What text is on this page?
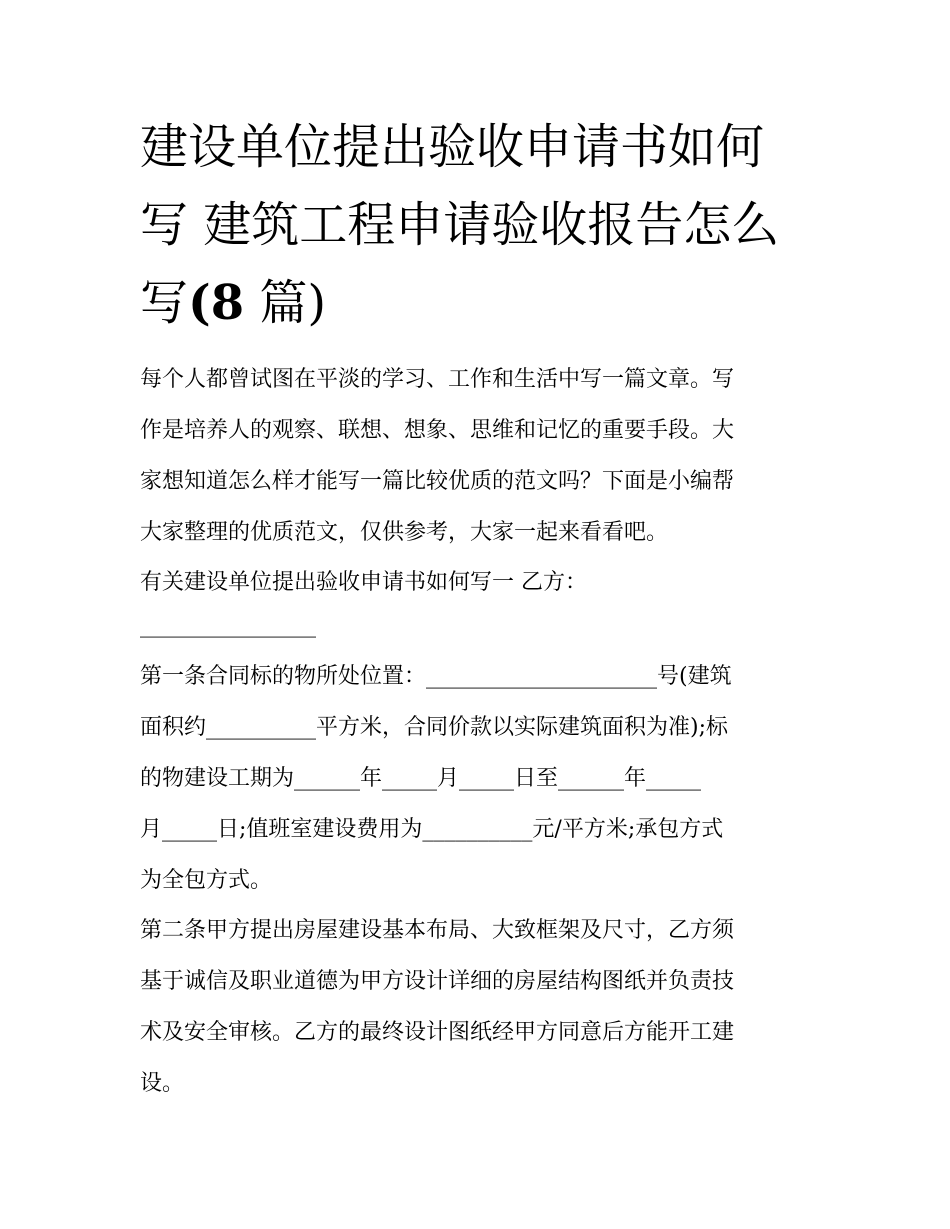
建设单位提出验收申请书如何
写 建筑工程申请验收报告怎么
写(8 篇)

每个人都曾试图在平淡的学习、工作和生活中写一篇文章。写
作是培养人的观察、联想、想象、思维和记忆的重要手段。大
家想知道怎么样才能写一篇比较优质的范文吗？下面是小编帮
大家整理的优质范文，仅供参考，大家一起来看看吧。

有关建设单位提出验收申请书如何写一 乙方：

________________

第一条合同标的物所处位置：_____________________号(建筑
面积约__________平方米，合同价款以实际建筑面积为准);标
的物建设工期为______年_____月_____日至______年_____
月_____日;值班室建设费用为__________元/平方米;承包方式
为全包方式。

第二条甲方提出房屋建设基本布局、大致框架及尺寸，乙方须
基于诚信及职业道德为甲方设计详细的房屋结构图纸并负责技
术及安全审核。乙方的最终设计图纸经甲方同意后方能开工建
设。
